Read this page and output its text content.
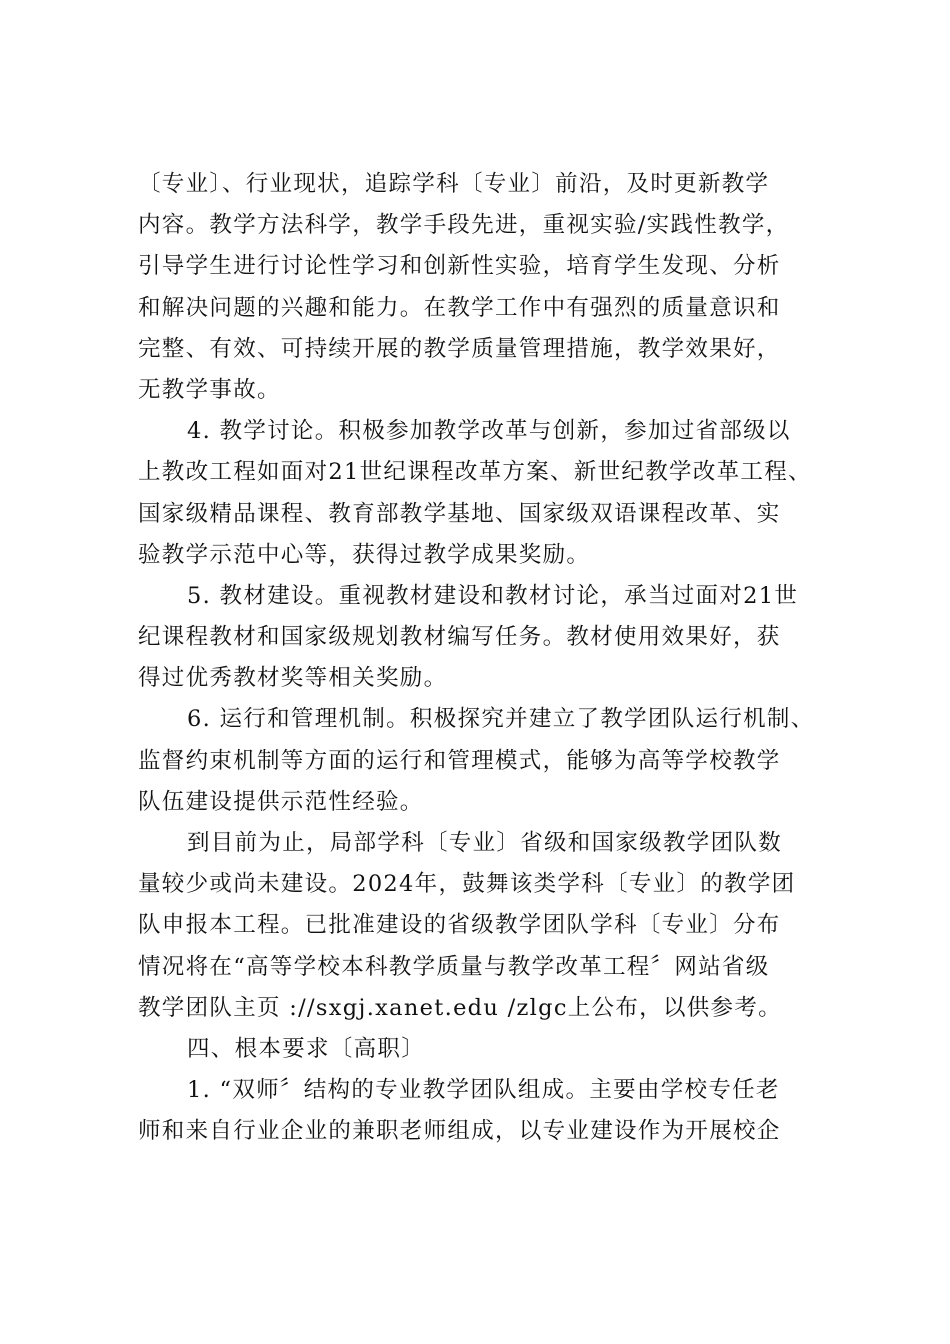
〔专业〕、行业现状，追踪学科〔专业〕前沿，及时更新教学
内容。教学方法科学，教学手段先进，重视实验/实践性教学，
引导学生进行讨论性学习和创新性实验，培育学生发现、分析
和解决问题的兴趣和能力。在教学工作中有强烈的质量意识和
完整、有效、可持续开展的教学质量管理措施，教学效果好，
无教学事故。
4. 教学讨论。积极参加教学改革与创新，参加过省部级以
上教改工程如面对21世纪课程改革方案、新世纪教学改革工程、
国家级精品课程、教育部教学基地、国家级双语课程改革、实
验教学示范中心等，获得过教学成果奖励。
5. 教材建设。重视教材建设和教材讨论，承当过面对21世
纪课程教材和国家级规划教材编写任务。教材使用效果好，获
得过优秀教材奖等相关奖励。
6. 运行和管理机制。积极探究并建立了教学团队运行机制、
监督约束机制等方面的运行和管理模式，能够为高等学校教学
队伍建设提供示范性经验。
到目前为止，局部学科〔专业〕省级和国家级教学团队数
量较少或尚未建设。2024年，鼓舞该类学科〔专业〕的教学团
队申报本工程。已批准建设的省级教学团队学科〔专业〕分布
情况将在“高等学校本科教学质量与教学改革工程〞网站省级
教学团队主页 ://sxgj.xanet.edu /zlgc上公布，以供参考。
四、根本要求〔高职〕
1. “双师〞结构的专业教学团队组成。主要由学校专任老
师和来自行业企业的兼职老师组成，以专业建设作为开展校企
